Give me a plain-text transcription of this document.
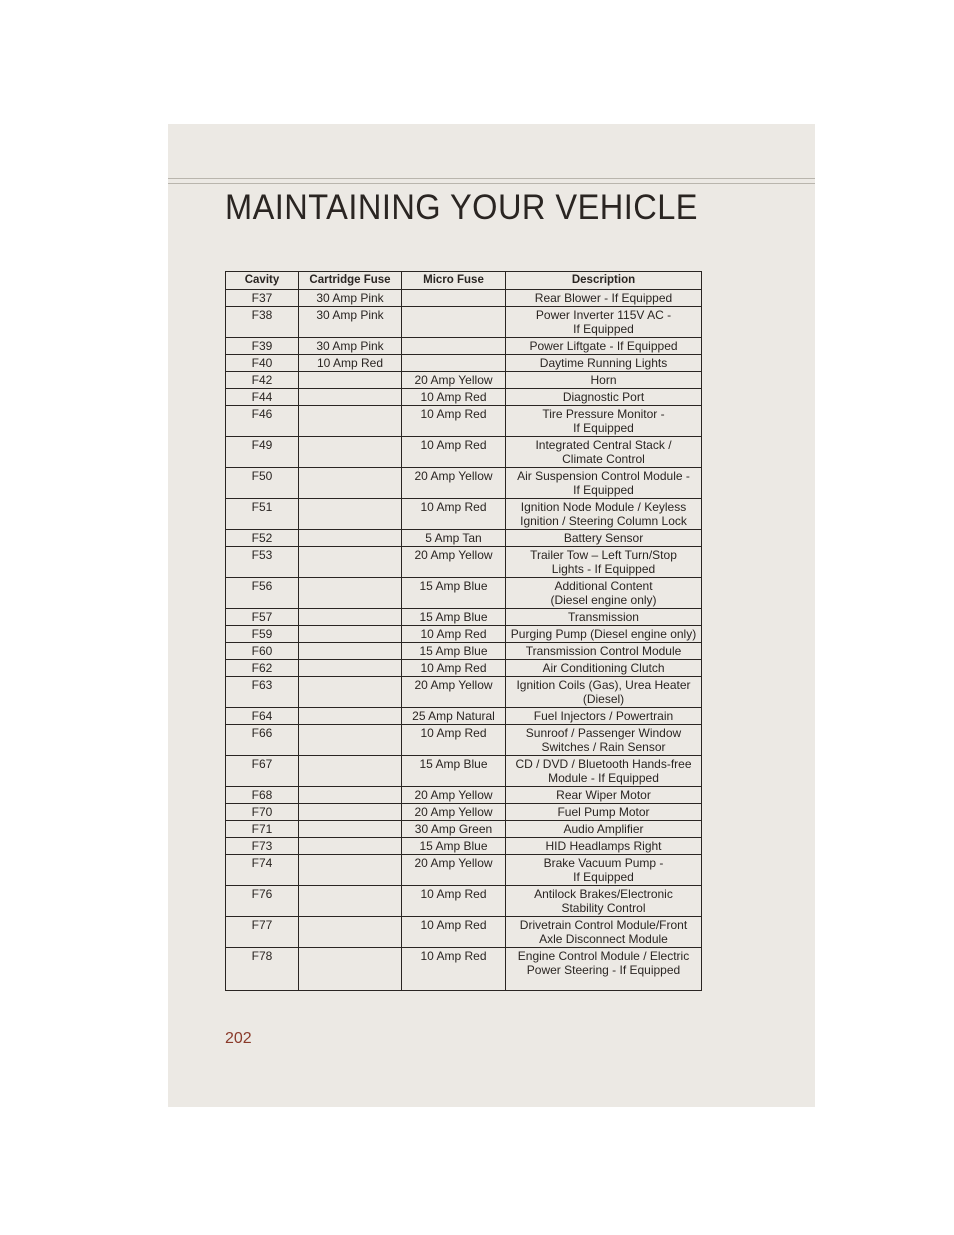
MAINTAINING YOUR VEHICLE
Cavity	Cartridge Fuse	Micro Fuse	Description
F37	30 Amp Pink		Rear Blower - If Equipped
F38	30 Amp Pink		Power Inverter 115V AC -
If Equipped
F39	30 Amp Pink		Power Liftgate - If Equipped
F40	10 Amp Red		Daytime Running Lights
F42		20 Amp Yellow	Horn
F44		10 Amp Red	Diagnostic Port
F46		10 Amp Red	Tire Pressure Monitor -
If Equipped
F49		10 Amp Red	Integrated Central Stack /
Climate Control
F50		20 Amp Yellow	Air Suspension Control Module -
If Equipped
F51		10 Amp Red	Ignition Node Module / Keyless
Ignition / Steering Column Lock
F52		5 Amp Tan	Battery Sensor
F53		20 Amp Yellow	Trailer Tow – Left Turn/Stop
Lights - If Equipped
F56		15 Amp Blue	Additional Content
(Diesel engine only)
F57		15 Amp Blue	Transmission
F59		10 Amp Red	Purging Pump (Diesel engine only)
F60		15 Amp Blue	Transmission Control Module
F62		10 Amp Red	Air Conditioning Clutch
F63		20 Amp Yellow	Ignition Coils (Gas), Urea Heater
(Diesel)
F64		25 Amp Natural	Fuel Injectors / Powertrain
F66		10 Amp Red	Sunroof / Passenger Window
Switches / Rain Sensor
F67		15 Amp Blue	CD / DVD / Bluetooth Hands-free
Module - If Equipped
F68		20 Amp Yellow	Rear Wiper Motor
F70		20 Amp Yellow	Fuel Pump Motor
F71		30 Amp Green	Audio Amplifier
F73		15 Amp Blue	HID Headlamps Right
F74		20 Amp Yellow	Brake Vacuum Pump -
If Equipped
F76		10 Amp Red	Antilock Brakes/Electronic
Stability Control
F77		10 Amp Red	Drivetrain Control Module/Front
Axle Disconnect Module
F78		10 Amp Red	Engine Control Module / Electric
Power Steering - If Equipped
202
